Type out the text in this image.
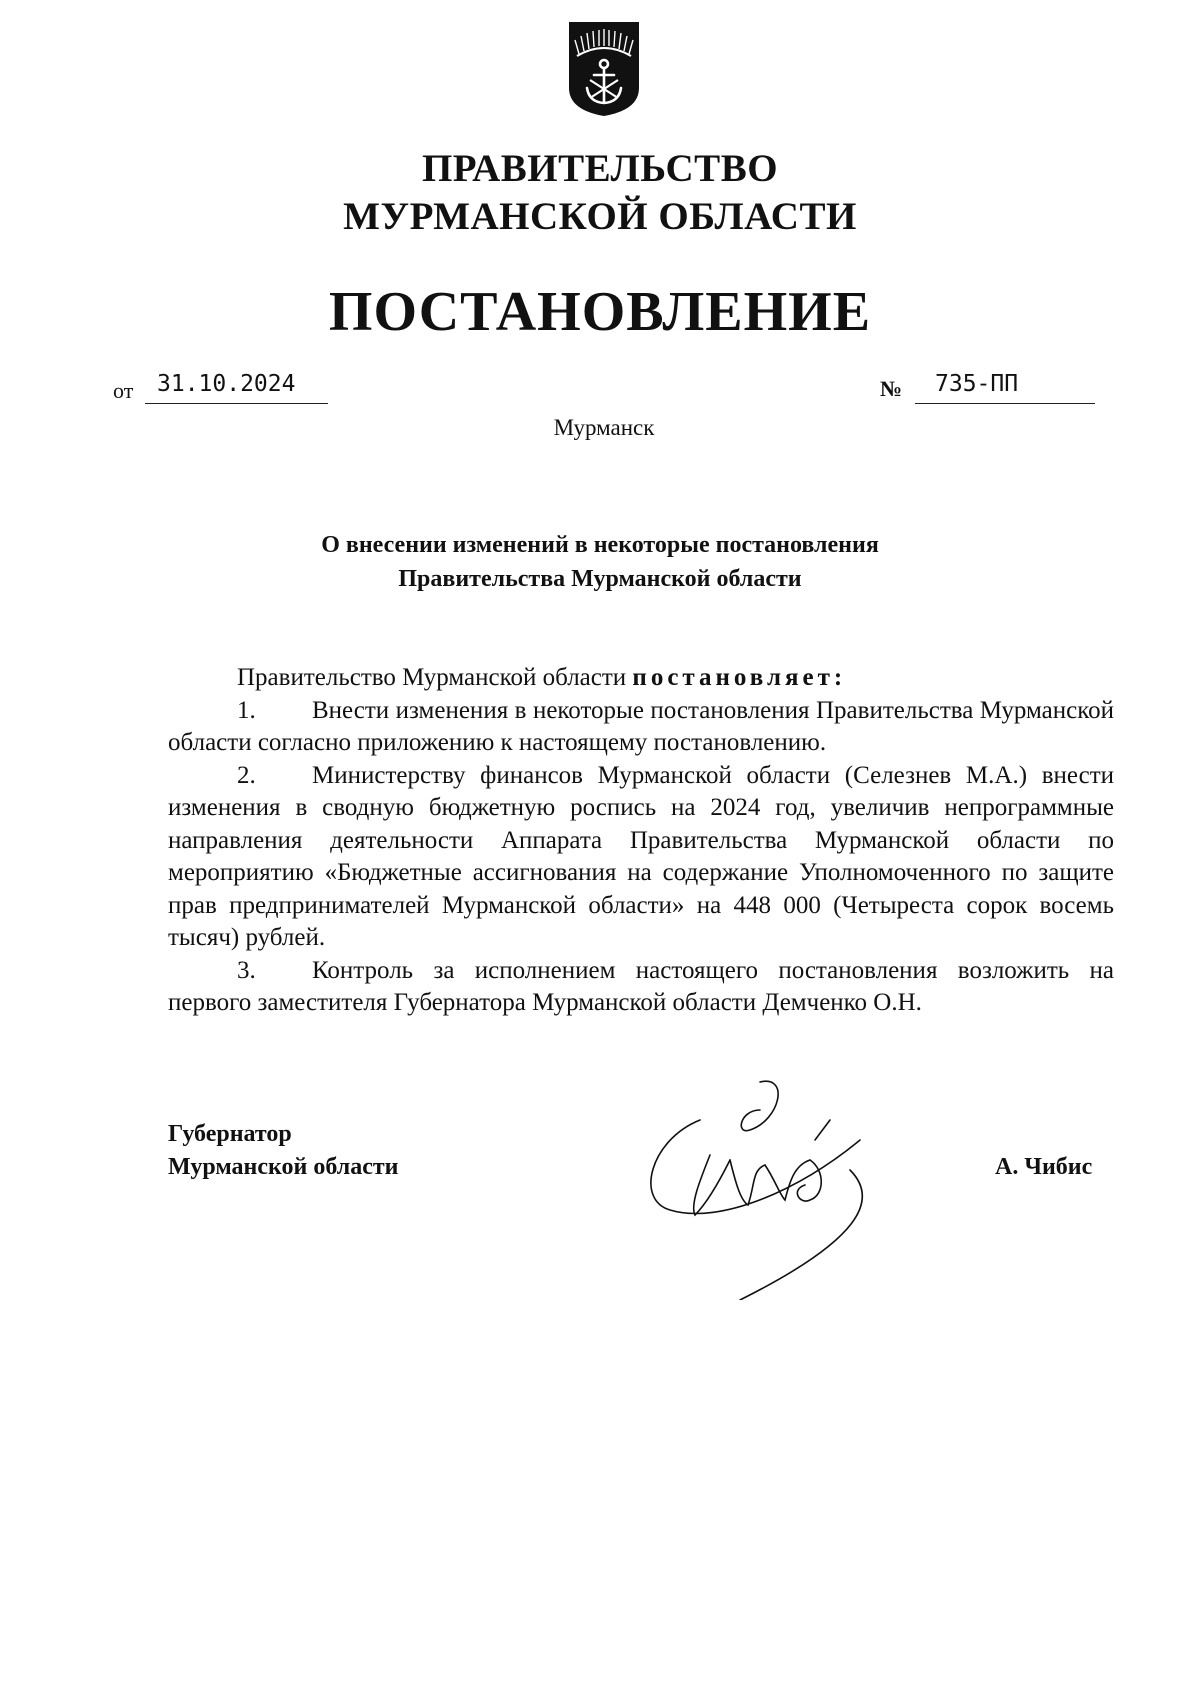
ПРАВИТЕЛЬСТВО
МУРМАНСКОЙ ОБЛАСТИ
ПОСТАНОВЛЕНИЕ
от	31.10.2024	№	735-ПП
Мурманск
О внесении изменений в некоторые постановления
Правительства Мурманской области

Правительство Мурманской области постановляет:

1. Внести изменения в некоторые постановления Правительства Мурманской области согласно приложению к настоящему постановлению.

2. Министерству финансов Мурманской области (Селезнев М.А.) внести изменения в сводную бюджетную роспись на 2024 год, увеличив непрограммные направления деятельности Аппарата Правительства Мурманской области по мероприятию «Бюджетные ассигнования на содержание Уполномоченного по защите прав предпринимателей Мурманской области» на 448 000 (Четыреста сорок восемь тысяч) рублей.

3. Контроль за исполнением настоящего постановления возложить на первого заместителя Губернатора Мурманской области Демченко О.Н.

Губернатор
Мурманской области	А. Чибис
